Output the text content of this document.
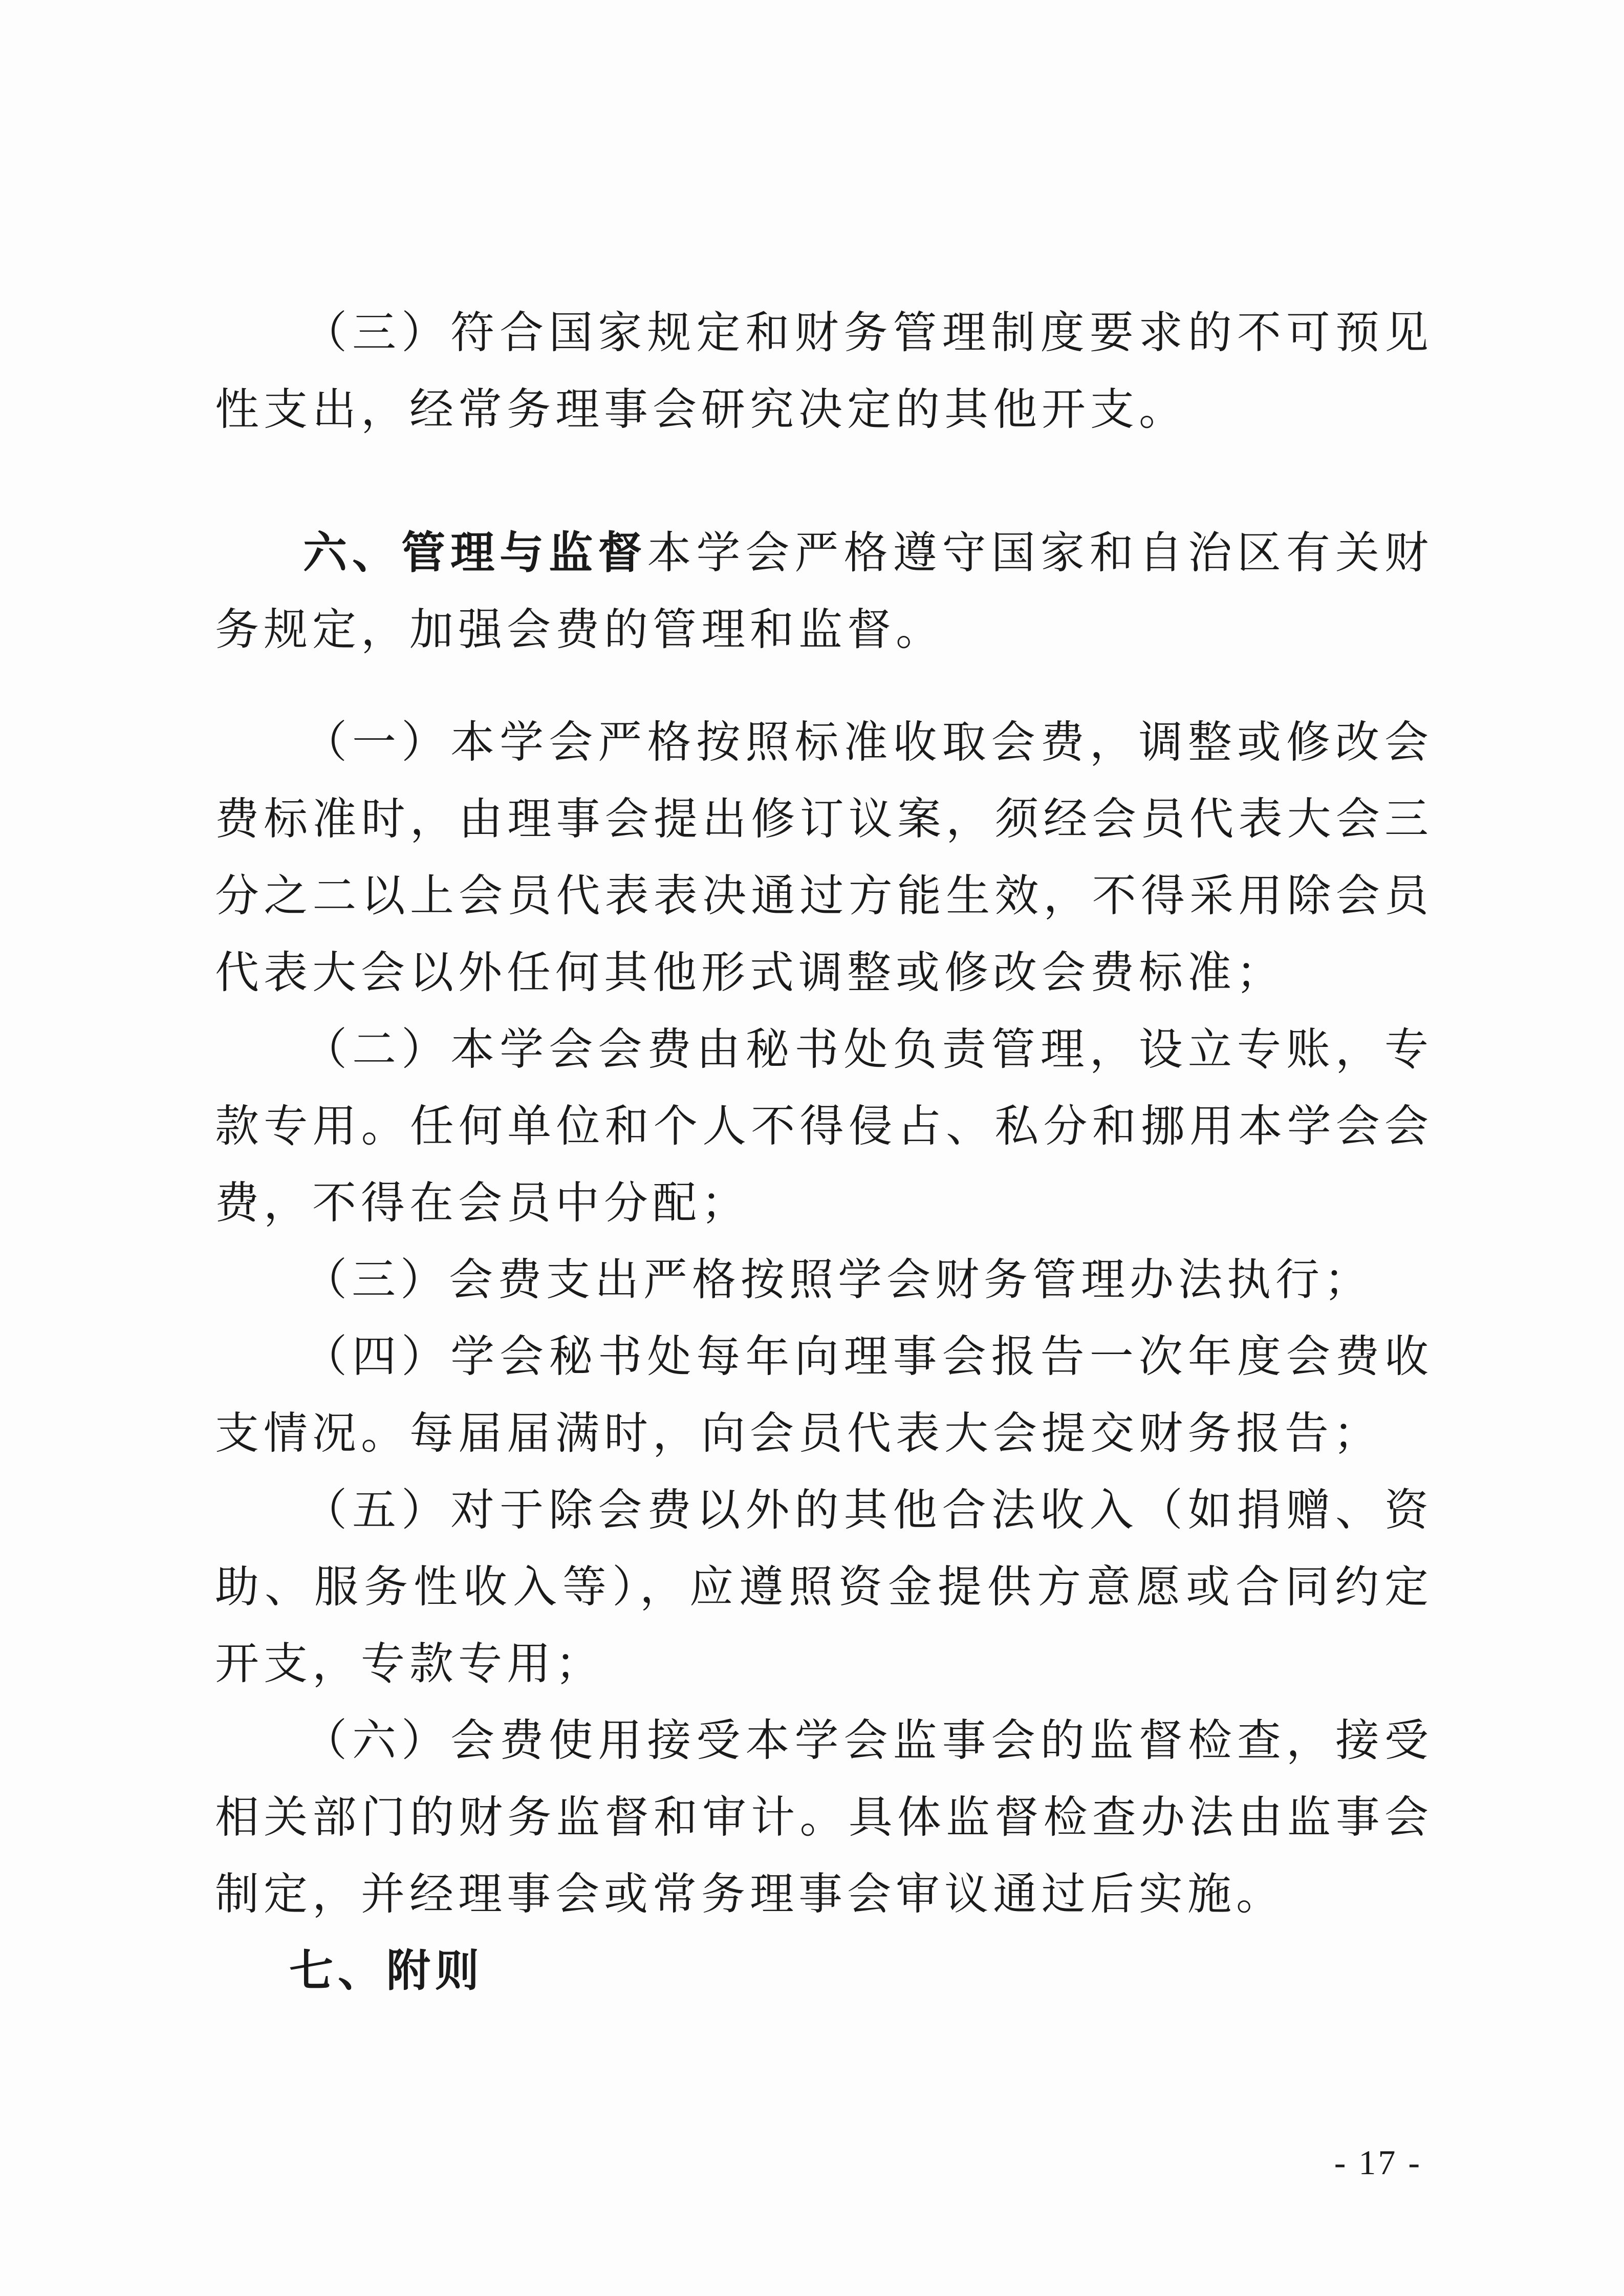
（三）符合国家规定和财务管理制度要求的不可预见性支出，经常务理事会研究决定的其他开支。

六、管理与监督本学会严格遵守国家和自治区有关财务规定，加强会费的管理和监督。

（一）本学会严格按照标准收取会费，调整或修改会费标准时，由理事会提出修订议案，须经会员代表大会三分之二以上会员代表表决通过方能生效，不得采用除会员代表大会以外任何其他形式调整或修改会费标准；

（二）本学会会费由秘书处负责管理，设立专账，专款专用。任何单位和个人不得侵占、私分和挪用本学会会费，不得在会员中分配；

（三）会费支出严格按照学会财务管理办法执行；

（四）学会秘书处每年向理事会报告一次年度会费收支情况。每届届满时，向会员代表大会提交财务报告；

（五）对于除会费以外的其他合法收入（如捐赠、资助、服务性收入等），应遵照资金提供方意愿或合同约定开支，专款专用；

（六）会费使用接受本学会监事会的监督检查，接受相关部门的财务监督和审计。具体监督检查办法由监事会制定，并经理事会或常务理事会审议通过后实施。

七、附则

- 17 -
